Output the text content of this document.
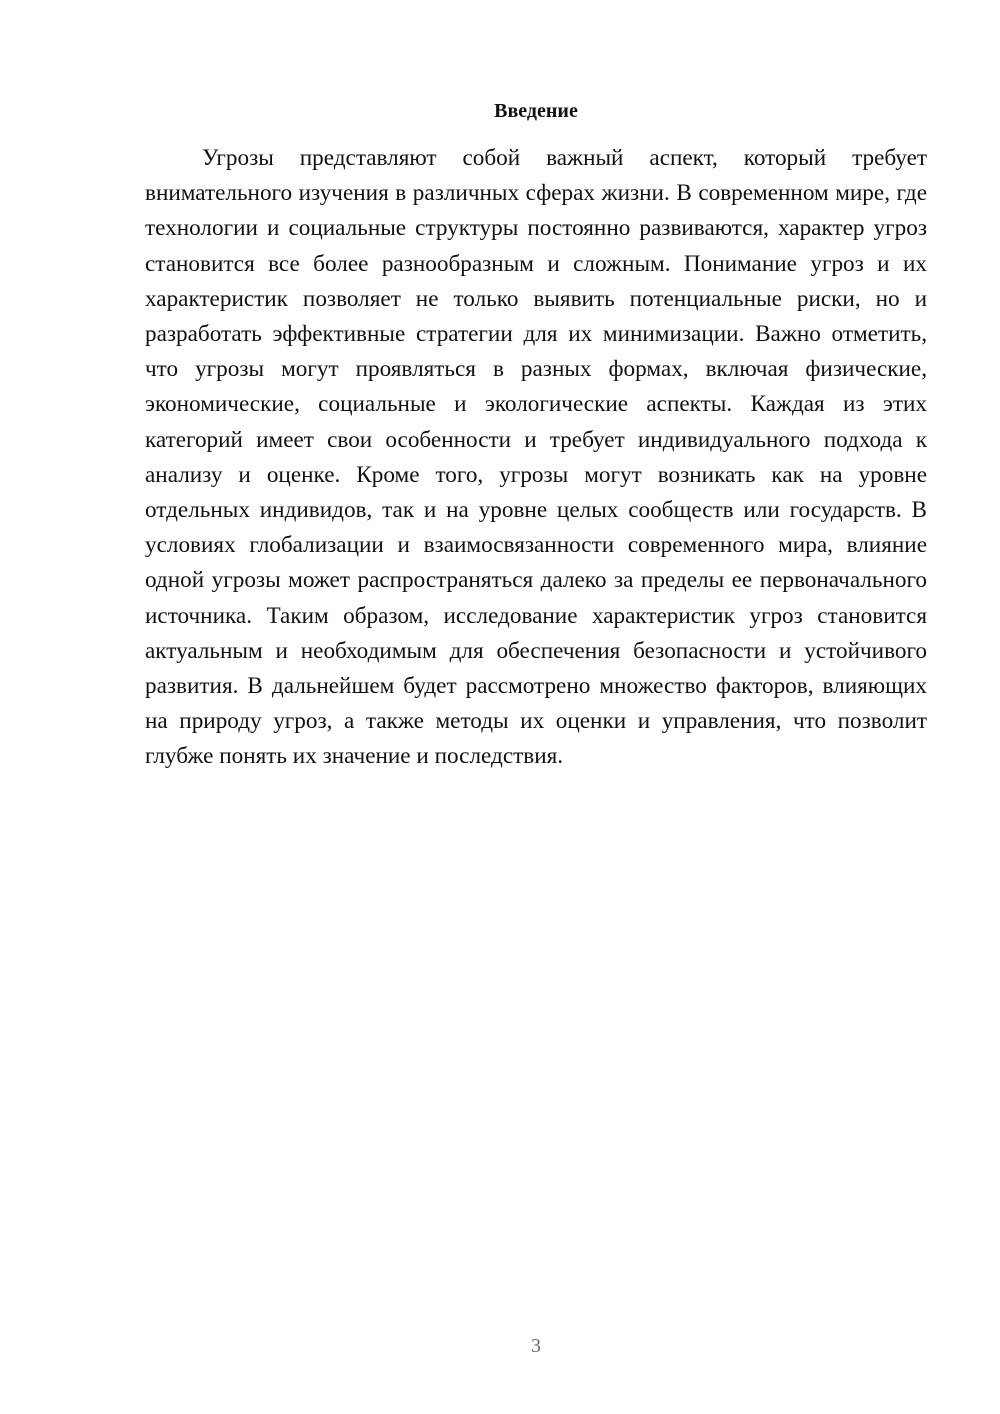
Введение

Угрозы представляют собой важный аспект, который требует внимательного изучения в различных сферах жизни. В современном мире, где технологии и социальные структуры постоянно развиваются, характер угроз становится все более разнообразным и сложным. Понимание угроз и их характеристик позволяет не только выявить потенциальные риски, но и разработать эффективные стратегии для их минимизации. Важно отметить, что угрозы могут проявляться в разных формах, включая физические, экономические, социальные и экологические аспекты. Каждая из этих категорий имеет свои особенности и требует индивидуального подхода к анализу и оценке. Кроме того, угрозы могут возникать как на уровне отдельных индивидов, так и на уровне целых сообществ или государств. В условиях глобализации и взаимосвязанности современного мира, влияние одной угрозы может распространяться далеко за пределы ее первоначального источника. Таким образом, исследование характеристик угроз становится актуальным и необходимым для обеспечения безопасности и устойчивого развития. В дальнейшем будет рассмотрено множество факторов, влияющих на природу угроз, а также методы их оценки и управления, что позволит глубже понять их значение и последствия.

3
